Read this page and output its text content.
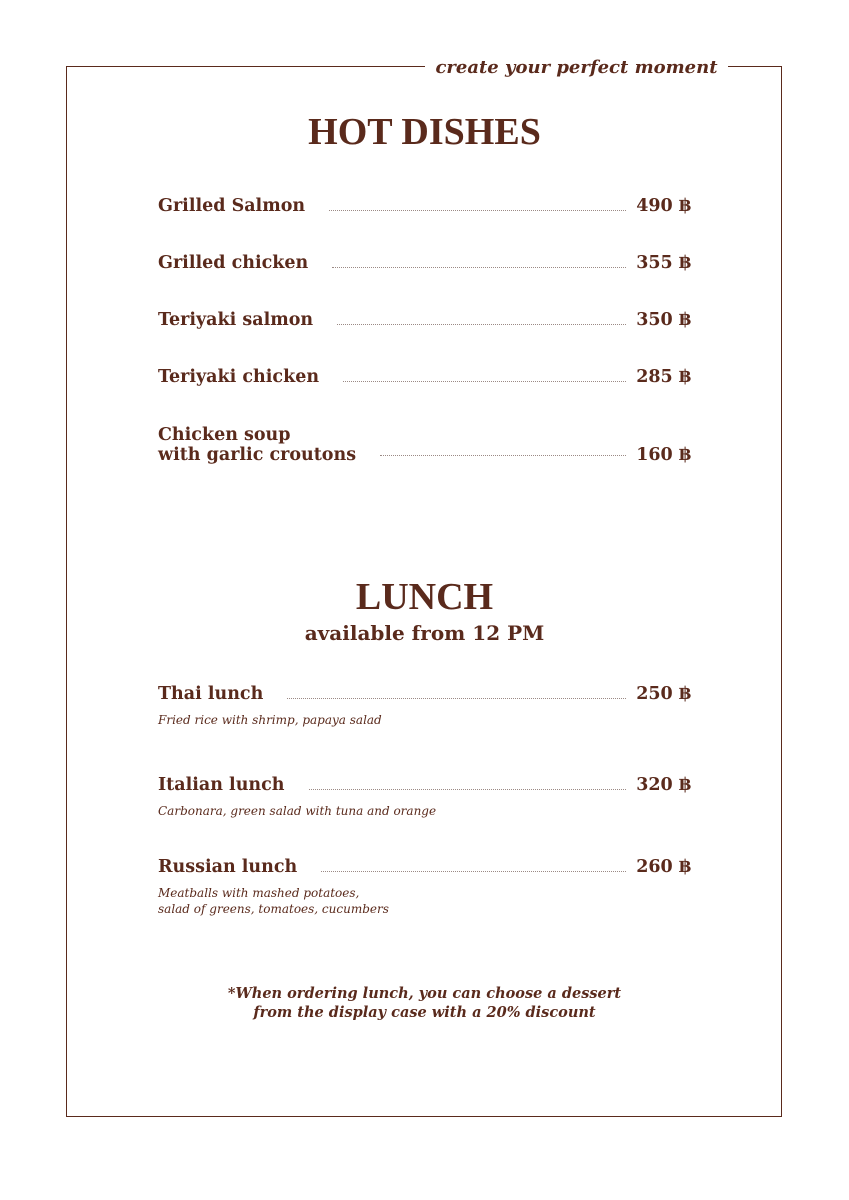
create your perfect moment
HOT DISHES
Grilled Salmon	490 ฿
Grilled chicken	355 ฿
Teriyaki salmon	350 ฿
Teriyaki chicken	285 ฿
Chicken soup
with garlic croutons	160 ฿
LUNCH
available from 12 PM
Thai lunch	250 ฿
Fried rice with shrimp, papaya salad
Italian lunch	320 ฿
Carbonara, green salad with tuna and orange
Russian lunch	260 ฿
Meatballs with mashed potatoes,
salad of greens, tomatoes, cucumbers
*When ordering lunch, you can choose a dessert
from the display case with a 20% discount
